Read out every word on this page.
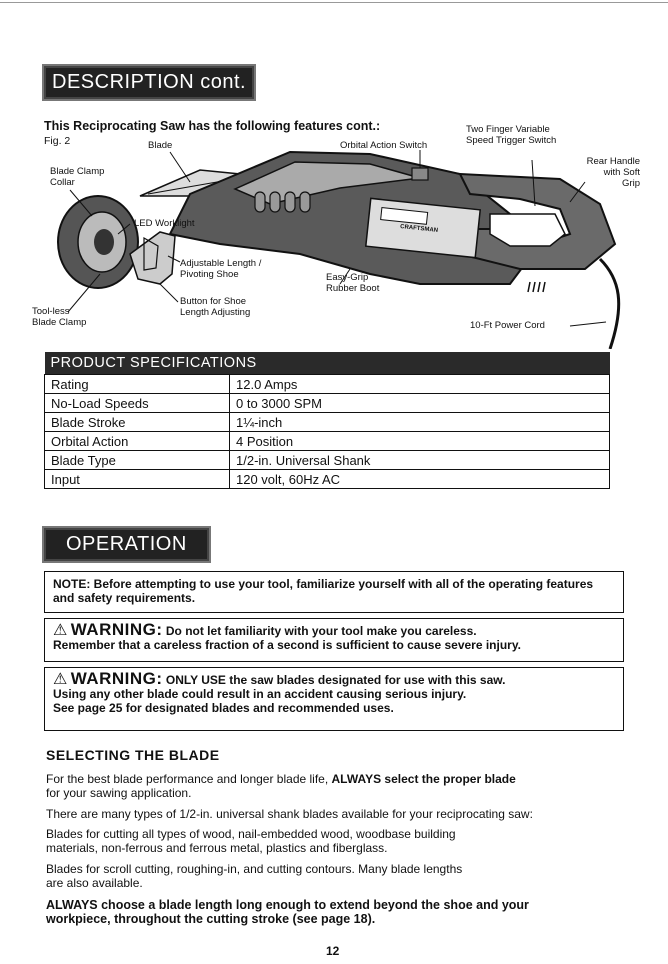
DESCRIPTION cont.
This Reciprocating Saw has the following features cont.:
Fig. 2	Blade	Orbital Action Switch
Two Finger Variable
Speed Trigger Switch
Rear Handle
with Soft Grip
Blade Clamp
Collar
LED Worklight
Adjustable Length /
Pivoting Shoe	Easy-Grip
Rubber Boot
Tool-less
Blade Clamp
Button for Shoe
Length Adjusting
10-Ft Power Cord
CRAFTSMAN
PRODUCT SPECIFICATIONS	
Rating	12.0 Amps
No-Load Speeds	0 to 3000 SPM
Blade Stroke	1¼-inch
Orbital Action	4 Position
Blade Type	1/2-in. Universal Shank
Input	120 volt, 60Hz AC
OPERATION
NOTE: Before attempting to use your tool, familiarize yourself with all of the operating features and safety requirements.
⚠ WARNING: Do not let familiarity with your tool make you careless.
Remember that a careless fraction of a second is sufficient to cause severe injury.
⚠ WARNING: ONLY USE the saw blades designated for use with this saw.
Using any other blade could result in an accident causing serious injury.
See page 25 for designated blades and recommended uses.
SELECTING THE BLADE
For the best blade performance and longer blade life, ALWAYS select the proper blade
for your sawing application.
There are many types of 1/2-in. universal shank blades available for your reciprocating saw:
Blades for cutting all types of wood, nail-embedded wood, woodbase building
materials, non-ferrous and ferrous metal, plastics and fiberglass.
Blades for scroll cutting, roughing-in, and cutting contours. Many blade lengths
are also available.
ALWAYS choose a blade length long enough to extend beyond the shoe and your
workpiece, throughout the cutting stroke (see page 18).
12
